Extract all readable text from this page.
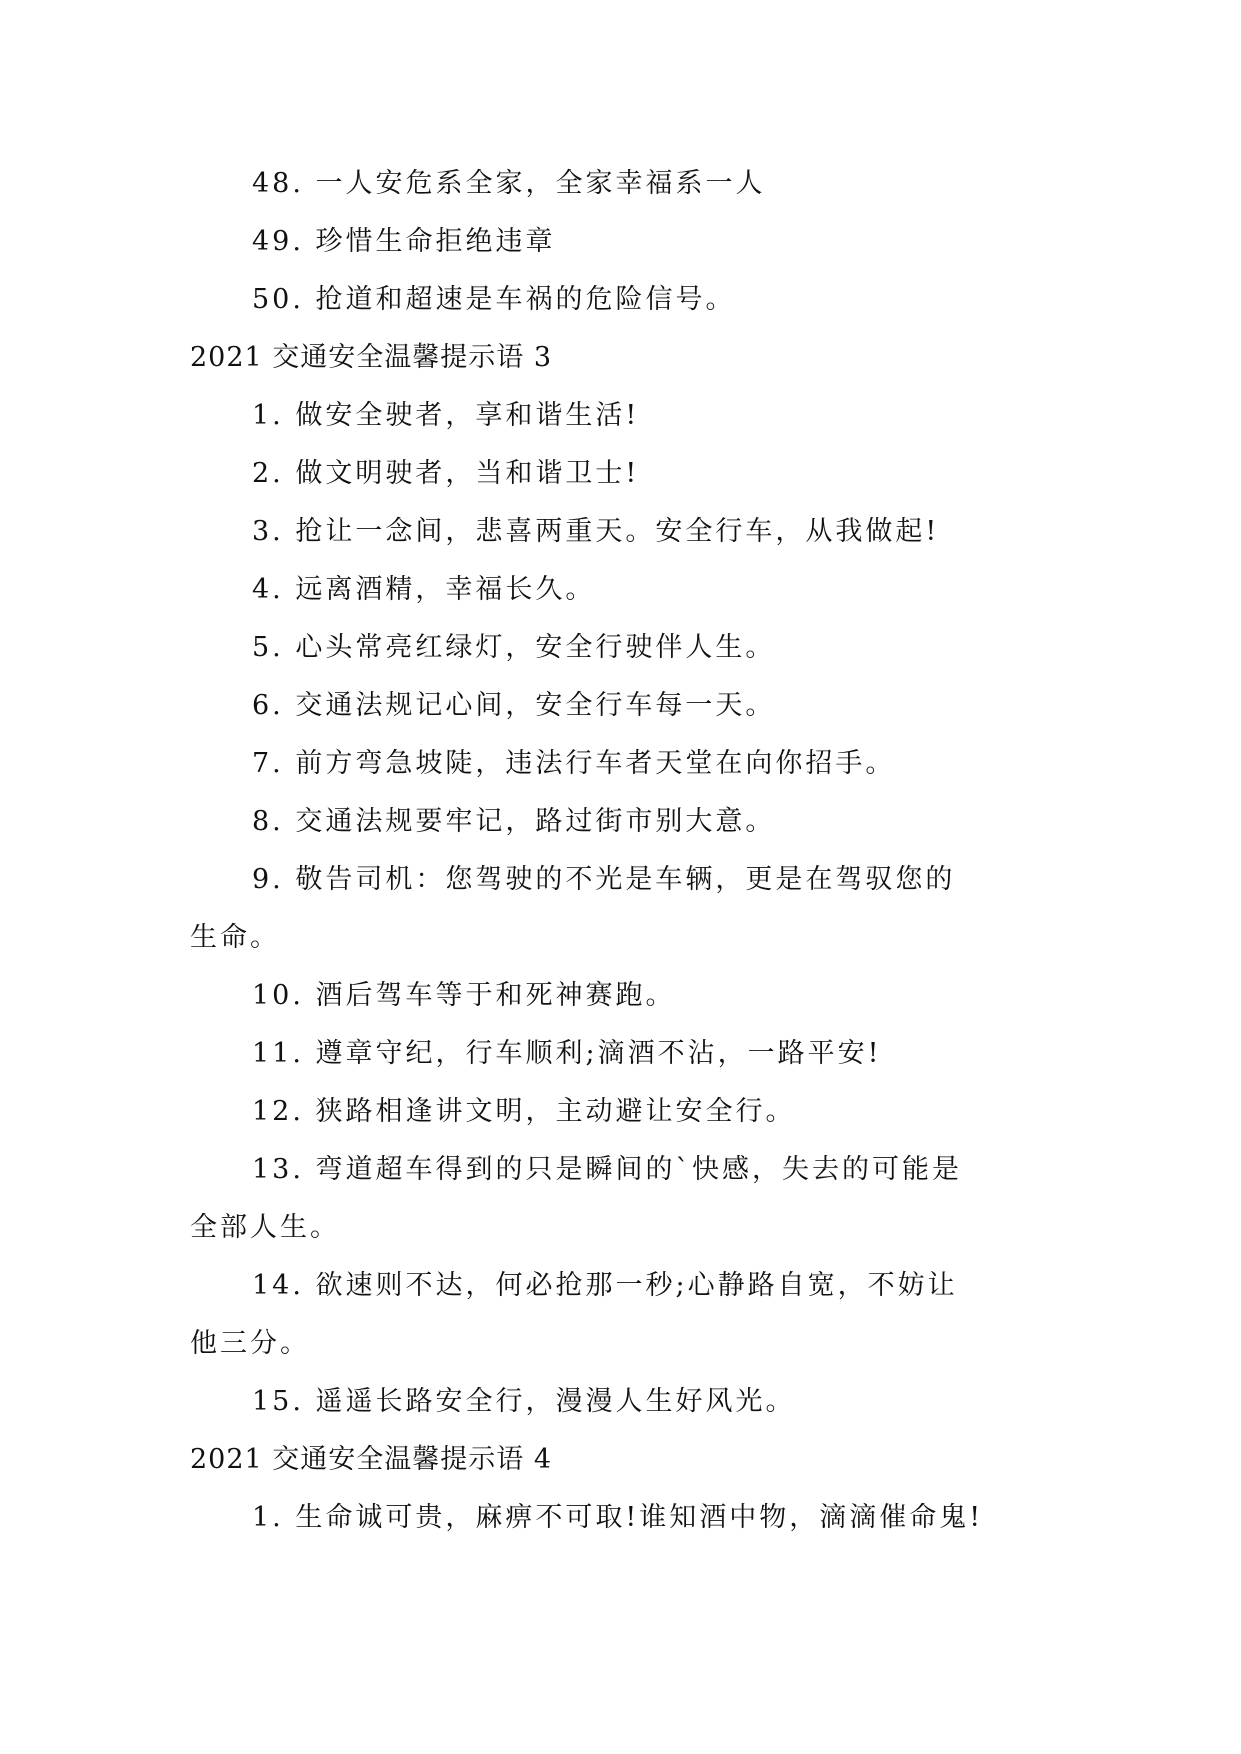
48. 一人安危系全家，全家幸福系一人
49. 珍惜生命拒绝违章
50. 抢道和超速是车祸的危险信号。
2021 交通安全温馨提示语 3
1. 做安全驶者，享和谐生活!
2. 做文明驶者，当和谐卫士!
3. 抢让一念间，悲喜两重天。安全行车，从我做起!
4. 远离酒精，幸福长久。
5. 心头常亮红绿灯，安全行驶伴人生。
6. 交通法规记心间，安全行车每一天。
7. 前方弯急坡陡，违法行车者天堂在向你招手。
8. 交通法规要牢记，路过街市别大意。
9. 敬告司机：您驾驶的不光是车辆，更是在驾驭您的
生命。
10. 酒后驾车等于和死神赛跑。
11. 遵章守纪，行车顺利;滴酒不沾，一路平安!
12. 狭路相逢讲文明，主动避让安全行。
13. 弯道超车得到的只是瞬间的`快感，失去的可能是
全部人生。
14. 欲速则不达，何必抢那一秒;心静路自宽，不妨让
他三分。
15. 遥遥长路安全行，漫漫人生好风光。
2021 交通安全温馨提示语 4
1. 生命诚可贵，麻痹不可取!谁知酒中物，滴滴催命鬼!
